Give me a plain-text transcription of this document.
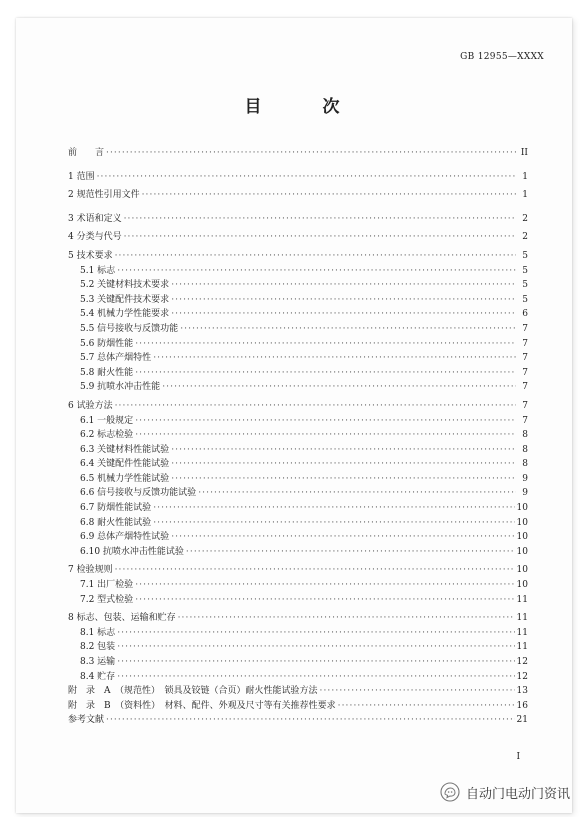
GB 12955—XXXX
目　次
前　　言 ·····	II
1 范围 ·····	1
2 规范性引用文件 ·····	1
3 术语和定义 ·····	2
4 分类与代号 ·····	2
5 技术要求 ·····	5
5.1 标志 ·····	5
5.2 关键材料技术要求 ·····	5
5.3 关键配件技术要求 ·····	5
5.4 机械力学性能要求 ·····	6
5.5 信号接收与反馈功能 ·····	7
5.6 防烟性能 ·····	7
5.7 总体产烟特性 ·····	7
5.8 耐火性能 ·····	7
5.9 抗喷水冲击性能 ·····	7
6 试验方法 ·····	7
6.1 一般规定 ·····	7
6.2 标志检验 ·····	8
6.3 关键材料性能试验 ·····	8
6.4 关键配件性能试验 ·····	8
6.5 机械力学性能试验 ·····	9
6.6 信号接收与反馈功能试验 ·····	9
6.7 防烟性能试验 ·····	10
6.8 耐火性能试验 ·····	10
6.9 总体产烟特性试验 ·····	10
6.10 抗喷水冲击性能试验 ·····	10
7 检验规则 ·····	10
7.1 出厂检验 ·····	10
7.2 型式检验 ·····	11
8 标志、包装、运输和贮存 ·····	11
8.1 标志 ·····	11
8.2 包装 ·····	11
8.3 运输 ·····	12
8.4 贮存 ·····	12
附　录　A　（规范性）　锁具及铰链（合页）耐火性能试验方法 ·····	13
附　录　B　（资料性）　材料、配件、外观及尺寸等有关推荐性要求 ·····	16
参考文献 ·····	21
I
自动门电动门资讯
